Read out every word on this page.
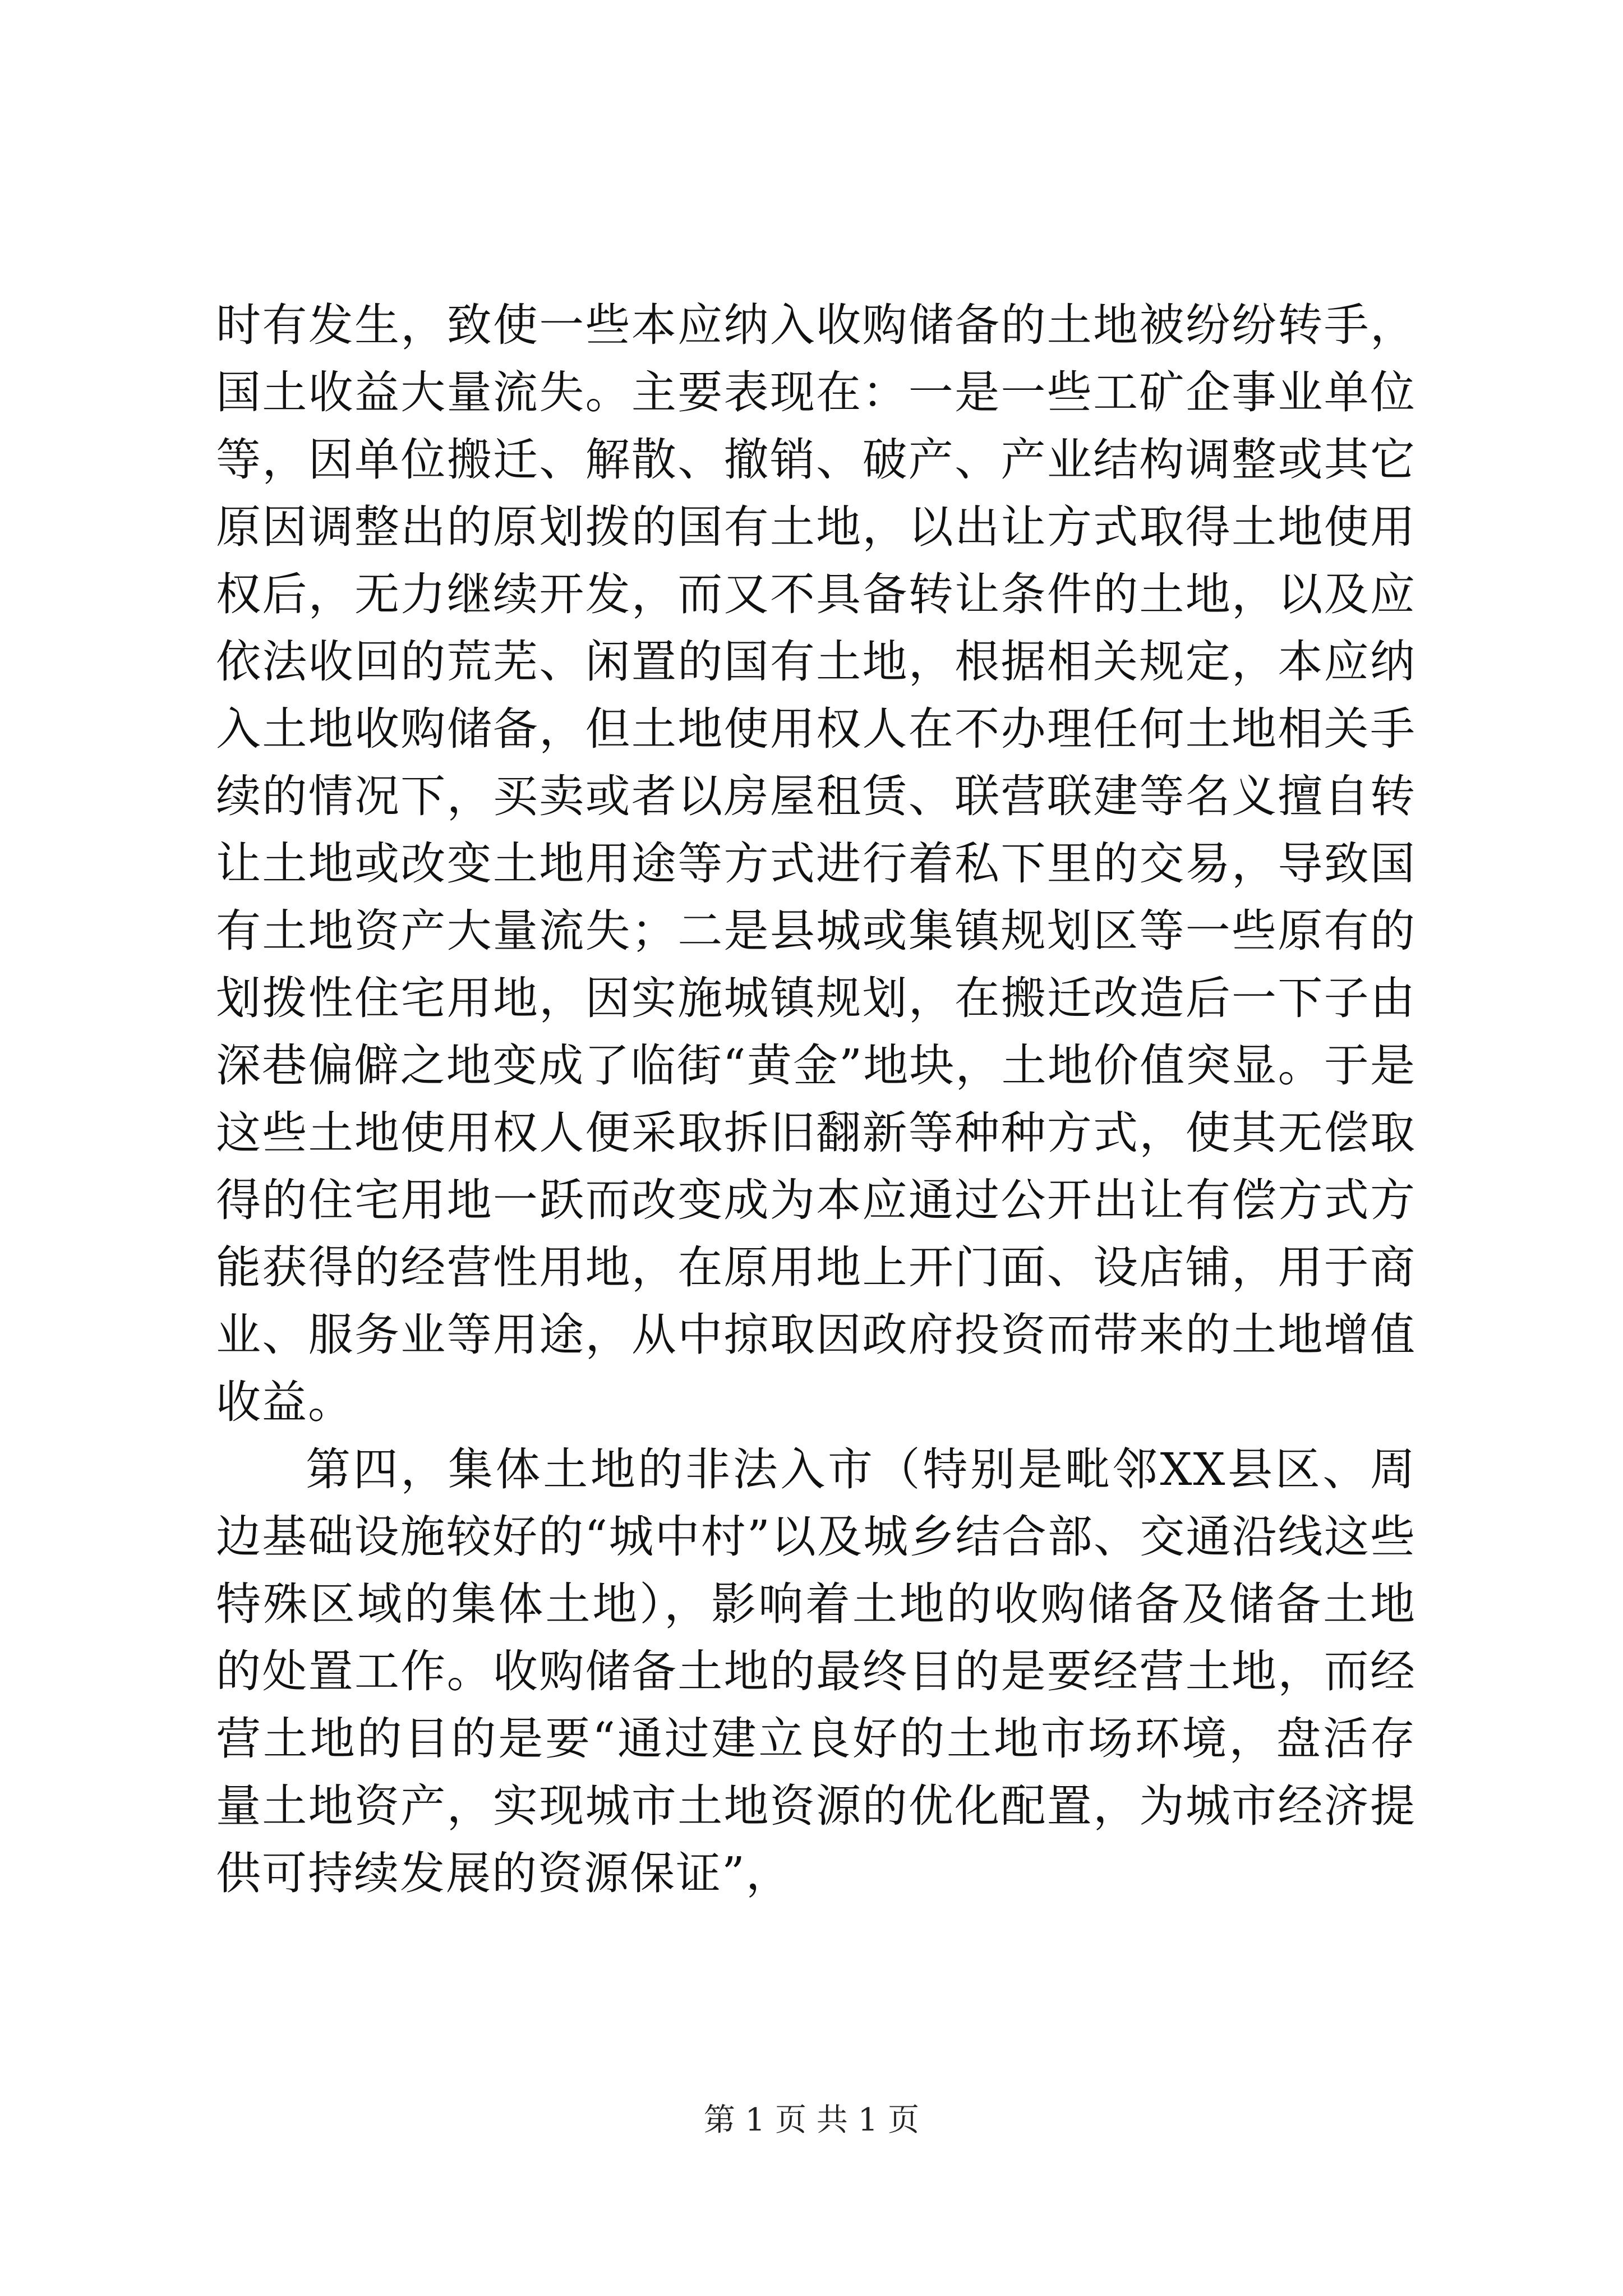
时有发生，致使一些本应纳入收购储备的土地被纷纷转手，国土收益大量流失。主要表现在：一是一些工矿企事业单位等，因单位搬迁、解散、撤销、破产、产业结构调整或其它原因调整出的原划拨的国有土地，以出让方式取得土地使用权后，无力继续开发，而又不具备转让条件的土地，以及应依法收回的荒芜、闲置的国有土地，根据相关规定，本应纳入土地收购储备，但土地使用权人在不办理任何土地相关手续的情况下，买卖或者以房屋租赁、联营联建等名义擅自转让土地或改变土地用途等方式进行着私下里的交易，导致国有土地资产大量流失；二是县城或集镇规划区等一些原有的划拨性住宅用地，因实施城镇规划，在搬迁改造后一下子由深巷偏僻之地变成了临街“黄金”地块，土地价值突显。于是这些土地使用权人便采取拆旧翻新等种种方式，使其无偿取得的住宅用地一跃而改变成为本应通过公开出让有偿方式方能获得的经营性用地，在原用地上开门面、设店铺，用于商业、服务业等用途，从中掠取因政府投资而带来的土地增值收益。

第四，集体土地的非法入市（特别是毗邻XX县区、周边基础设施较好的“城中村”以及城乡结合部、交通沿线这些特殊区域的集体土地），影响着土地的收购储备及储备土地的处置工作。收购储备土地的最终目的是要经营土地，而经营土地的目的是要“通过建立良好的土地市场环境，盘活存量土地资产，实现城市土地资源的优化配置，为城市经济提供可持续发展的资源保证”，

第 1 页 共 1 页
